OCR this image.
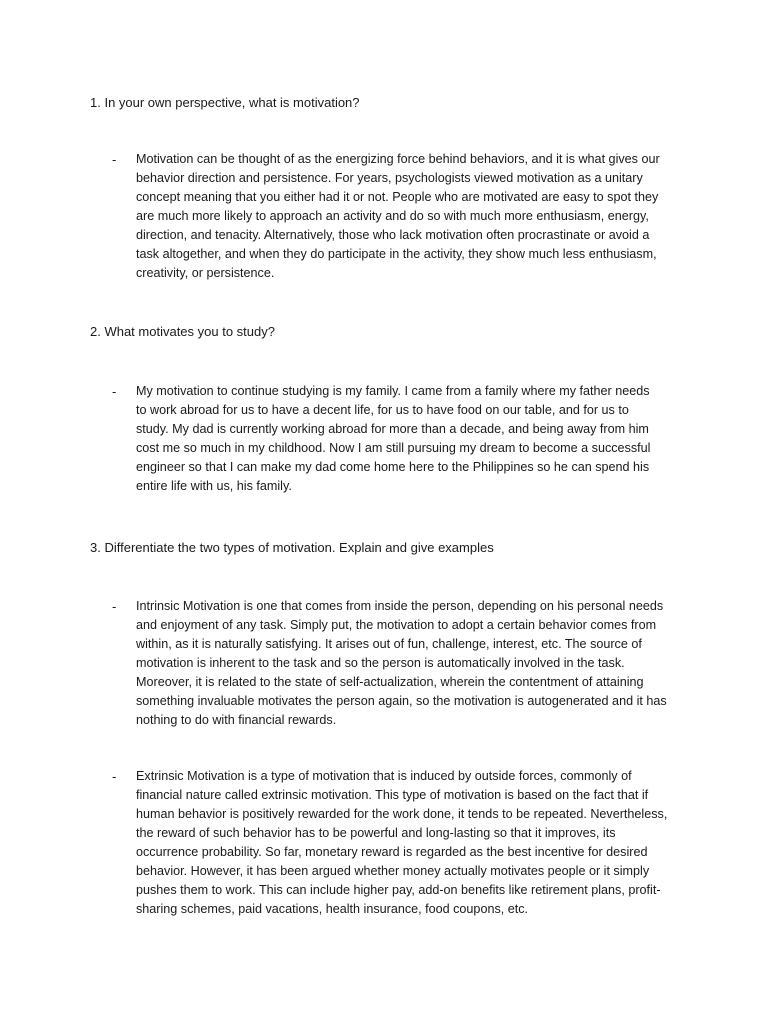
1. In your own perspective, what is motivation?
- Motivation can be thought of as the energizing force behind behaviors, and it is what gives our
behavior direction and persistence. For years, psychologists viewed motivation as a unitary
concept meaning that you either had it or not. People who are motivated are easy to spot they
are much more likely to approach an activity and do so with much more enthusiasm, energy,
direction, and tenacity. Alternatively, those who lack motivation often procrastinate or avoid a
task altogether, and when they do participate in the activity, they show much less enthusiasm,
creativity, or persistence.
2. What motivates you to study?
- My motivation to continue studying is my family. I came from a family where my father needs
to work abroad for us to have a decent life, for us to have food on our table, and for us to
study. My dad is currently working abroad for more than a decade, and being away from him
cost me so much in my childhood. Now I am still pursuing my dream to become a successful
engineer so that I can make my dad come home here to the Philippines so he can spend his
entire life with us, his family.
3. Differentiate the two types of motivation. Explain and give examples
- Intrinsic Motivation is one that comes from inside the person, depending on his personal needs
and enjoyment of any task. Simply put, the motivation to adopt a certain behavior comes from
within, as it is naturally satisfying. It arises out of fun, challenge, interest, etc. The source of
motivation is inherent to the task and so the person is automatically involved in the task.
Moreover, it is related to the state of self-actualization, wherein the contentment of attaining
something invaluable motivates the person again, so the motivation is autogenerated and it has
nothing to do with financial rewards.
- Extrinsic Motivation is a type of motivation that is induced by outside forces, commonly of
financial nature called extrinsic motivation. This type of motivation is based on the fact that if
human behavior is positively rewarded for the work done, it tends to be repeated. Nevertheless,
the reward of such behavior has to be powerful and long-lasting so that it improves, its
occurrence probability. So far, monetary reward is regarded as the best incentive for desired
behavior. However, it has been argued whether money actually motivates people or it simply
pushes them to work. This can include higher pay, add-on benefits like retirement plans, profit-
sharing schemes, paid vacations, health insurance, food coupons, etc.
